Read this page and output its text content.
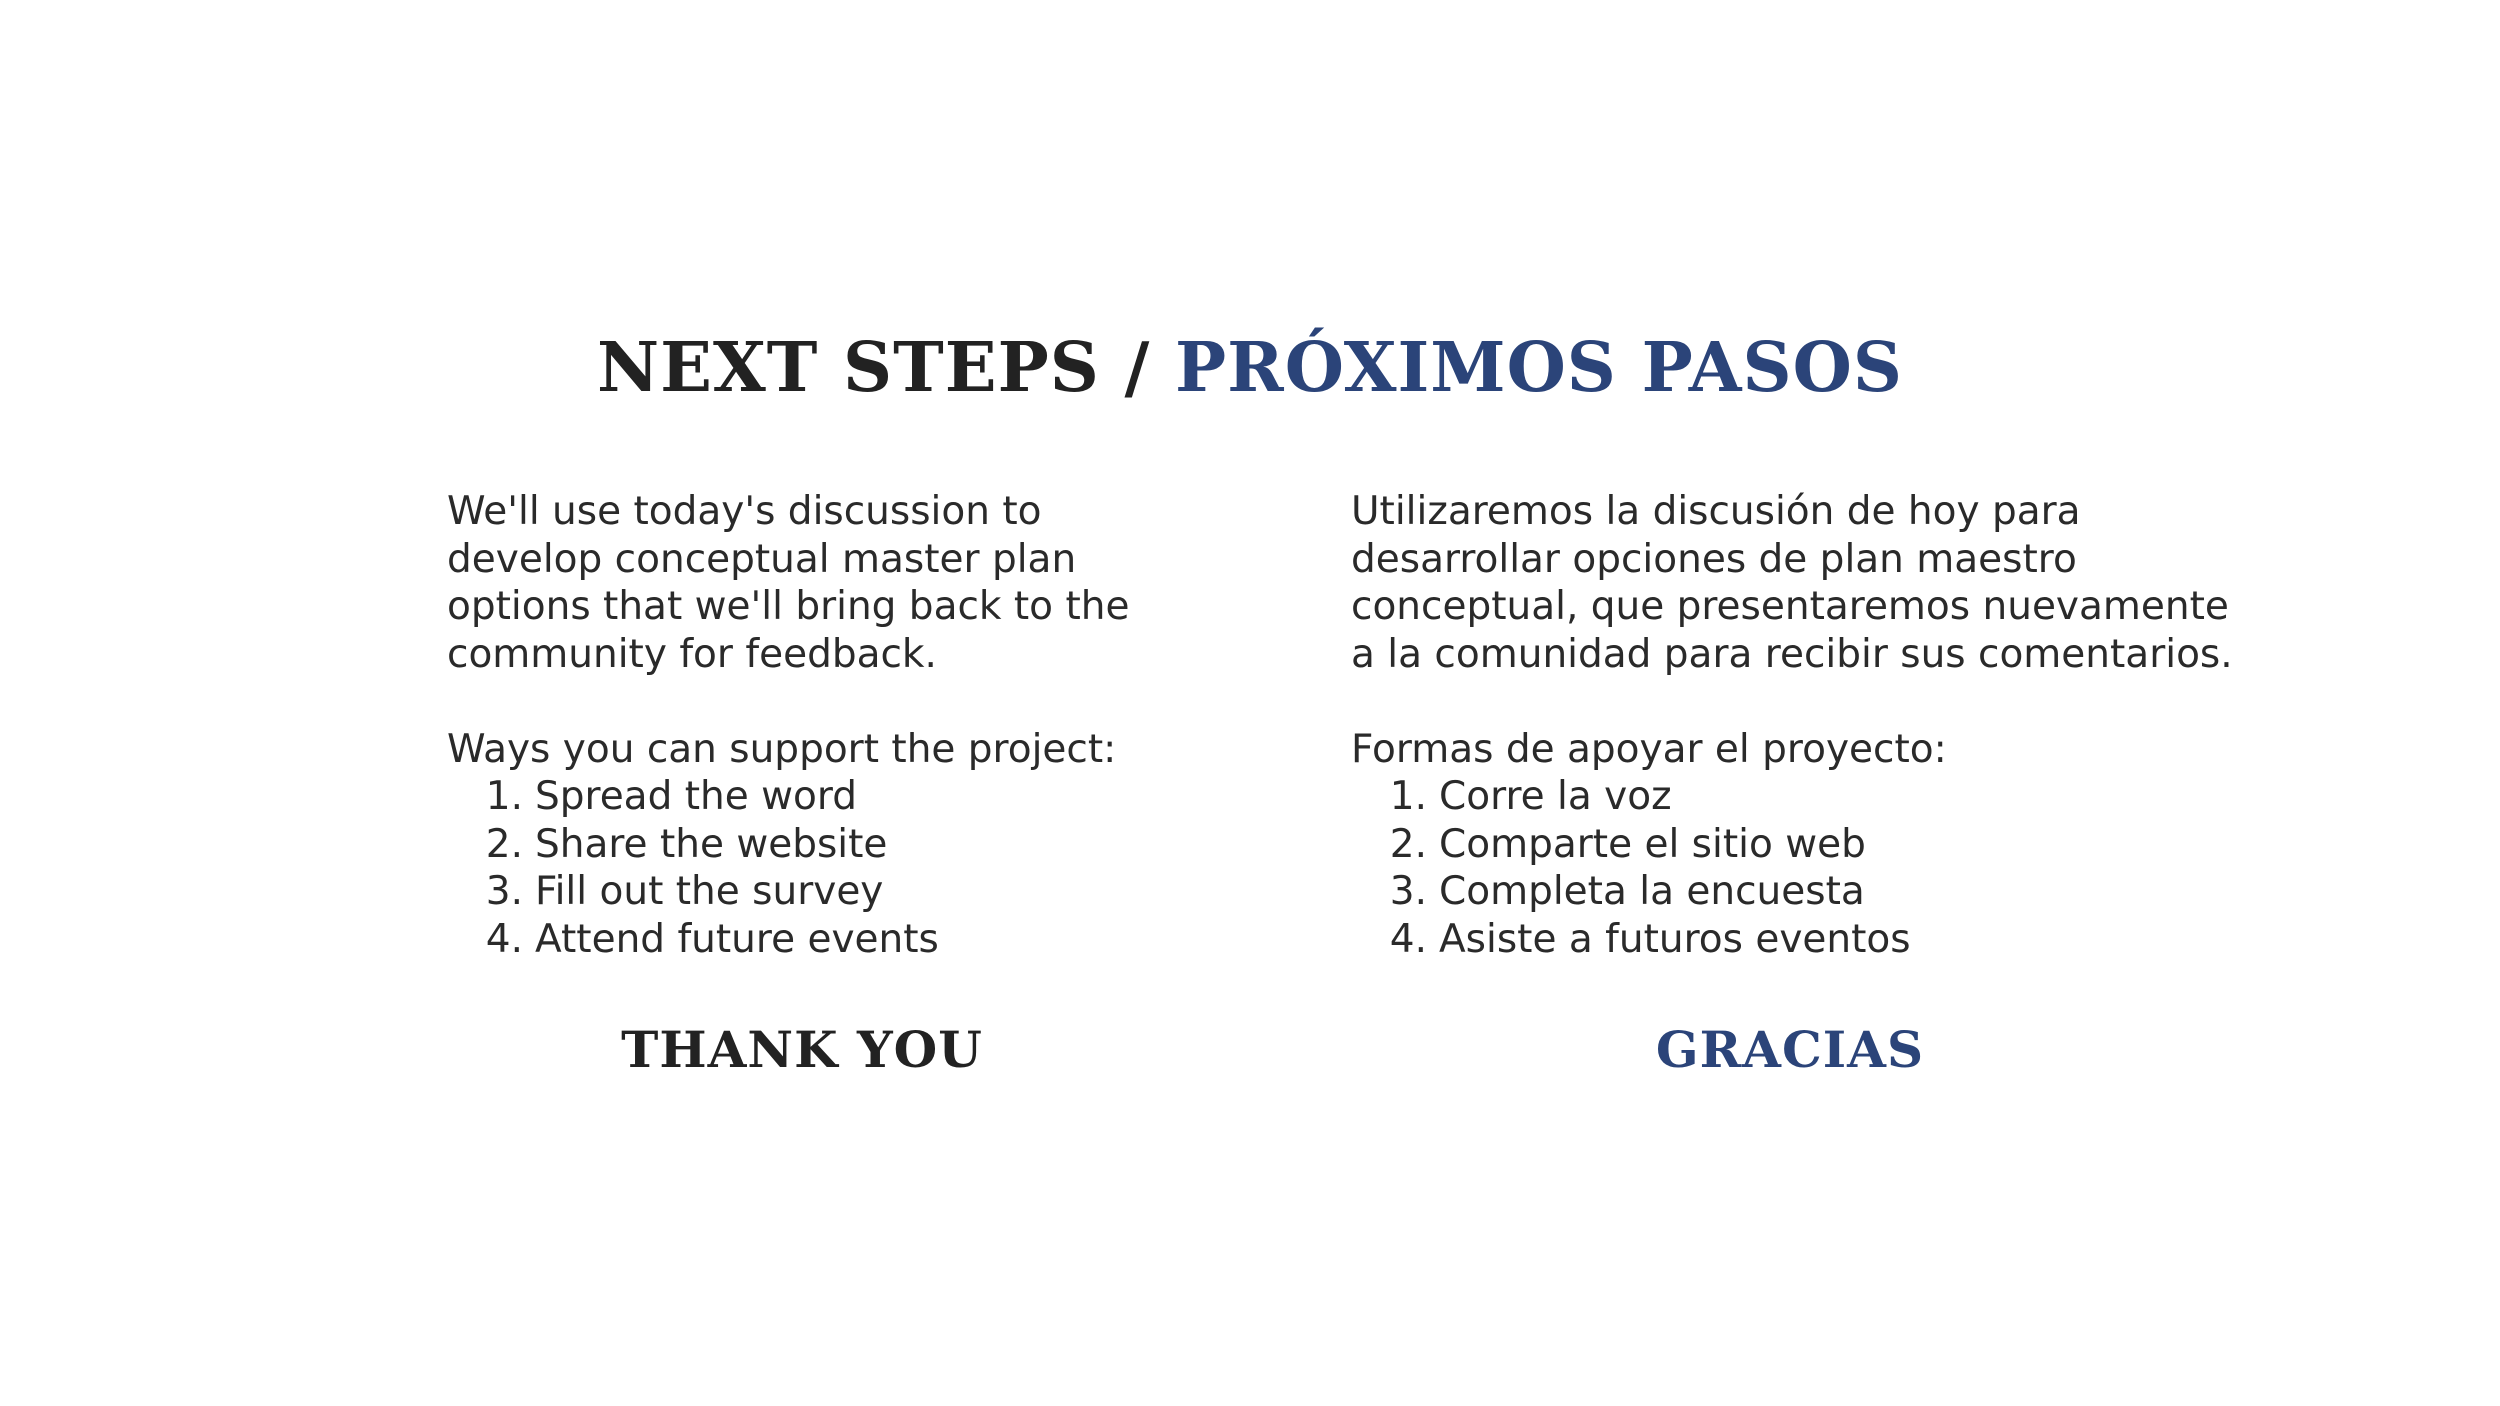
NEXT STEPS / PRÓXIMOS PASOS

We'll use today's discussion to
develop conceptual master plan
options that we'll bring back to the
community for feedback.

Ways you can support the project:
1. Spread the word
2. Share the website
3. Fill out the survey
4. Attend future events

Utilizaremos la discusión de hoy para
desarrollar opciones de plan maestro
conceptual, que presentaremos nuevamente
a la comunidad para recibir sus comentarios.

Formas de apoyar el proyecto:
1. Corre la voz
2. Comparte el sitio web
3. Completa la encuesta
4. Asiste a futuros eventos
THANK YOU	GRACIAS
